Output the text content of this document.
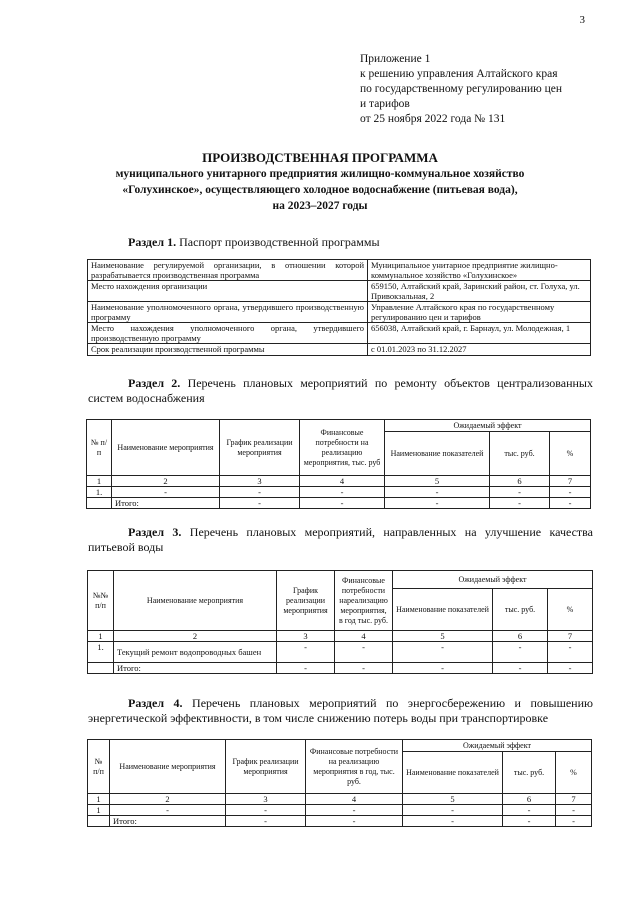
3
Приложение 1
к решению управления Алтайского края
по государственному регулированию цен
и тарифов
от 25 ноября 2022 года № 131
ПРОИЗВОДСТВЕННАЯ ПРОГРАММА
муниципального унитарного предприятия жилищно-коммунальное хозяйство
«Голухинское», осуществляющего холодное водоснабжение (питьевая вода),
на 2023–2027 годы
Раздел 1. Паспорт производственной программы
Наименование регулируемой организации, в отношении которой разрабатывается производственная программа	Муниципальное унитарное предприятие жилищно-коммунальное хозяйство «Голухинское»
Место нахождения организации	659150, Алтайский край, Заринский район, ст. Голуха, ул. Привокзальная, 2
Наименование уполномоченного органа, утвердившего производственную программу	Управление Алтайского края по государственному регулированию цен и тарифов
Место нахождения уполномоченного органа, утвердившего производственную программу	656038, Алтайский край, г. Барнаул, ул. Молодежная, 1
Срок реализации производственной программы	с 01.01.2023 по 31.12.2027
Раздел 2. Перечень плановых мероприятий по ремонту объектов централизованных систем водоснабжения
№ п/п	Наименование мероприятия	График реализации мероприятия	Финансовые потребности на реализацию мероприятия, тыс. руб	Ожидаемый эффект		
				Наименование показателей	тыс. руб.	%
1	2	3	4	5	6	7
1.	-	-	-	-	-	-
	Итого:	-	-	-	-	-
Раздел 3. Перечень плановых мероприятий, направленных на улучшение качества питьевой воды
№№ п/п	Наименование мероприятия	График реализации мероприятия	Финансовые потребности нареализацию мероприятия, в год тыс. руб.	Ожидаемый эффект		
				Наименование показателей	тыс. руб.	%
1	2	3	4	5	6	7
1.	Текущий ремонт водопроводных башен	-	-	-	-	-
	Итого:	-	-	-	-	-
Раздел 4. Перечень плановых мероприятий по энергосбережению и повышению энергетической эффективности, в том числе снижению потерь воды при транспортировке
№ п/п	Наименование мероприятия	График реализации мероприятия	Финансовые потребности на реализацию мероприятия в год, тыс. руб.	Ожидаемый эффект		
				Наименование показателей	тыс. руб.	%
1	2	3	4	5	6	7
1	-	-	-	-	-	-
	Итого:	-	-	-	-	-
